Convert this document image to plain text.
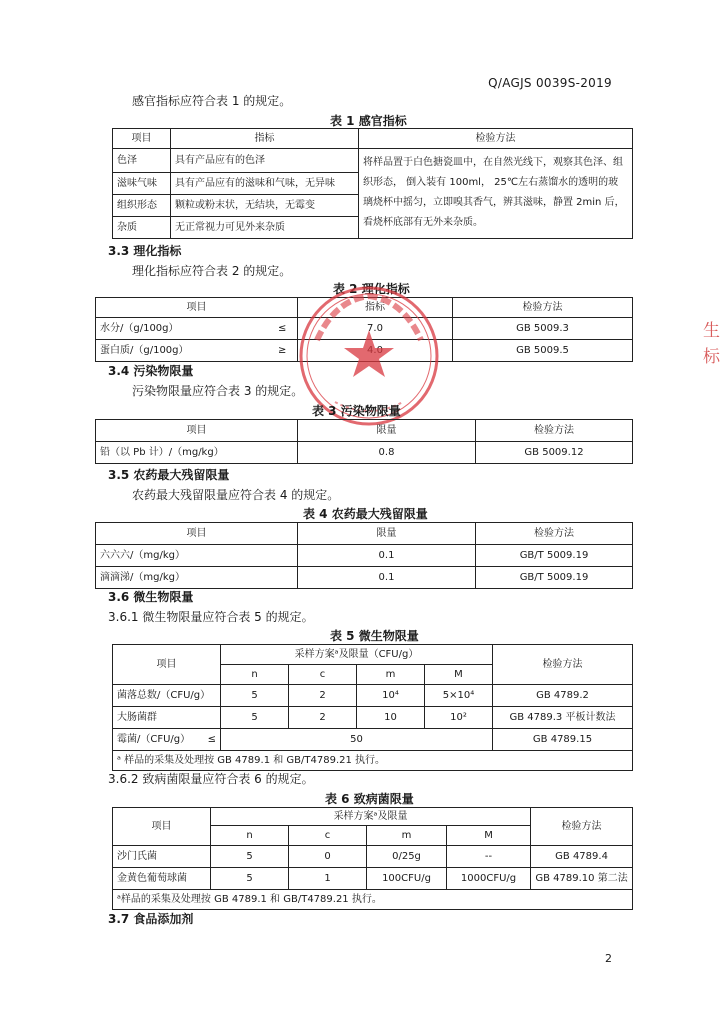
Q/AGJS 0039S-2019
感官指标应符合表 1 的规定。
表 1 感官指标
项目	指标	检验方法
色泽	具有产品应有的色泽	将样品置于白色搪瓷皿中，在自然光线下，观察其色泽、组织形态， 倒入装有 100ml， 25℃左右蒸馏水的透明的玻璃烧杯中摇匀，立即嗅其香气，辨其滋味，静置 2min 后，看烧杯底部有无外来杂质。
滋味气味	具有产品应有的滋味和气味，无异味	
组织形态	颗粒或粉末状，无结块，无霉变	
杂质	无正常视力可见外来杂质	
3.3 理化指标
理化指标应符合表 2 的规定。
表 2 理化指标
项目		指标	检验方法
水分/（g/100g）	≤	7.0	GB 5009.3
蛋白质/（g/100g）	≥		GB 5009.5
3.4 污染物限量
污染物限量应符合表 3 的规定。
表 3 污染物限量
项目	限量	检验方法
铅（以 Pb 计）/（mg/kg）	0.8	GB 5009.12
3.5 农药最大残留限量
农药最大残留限量应符合表 4 的规定。
表 4 农药最大残留限量
项目	限量	检验方法
六六六/（mg/kg）	0.1	GB/T 5009.19
滴滴涕/（mg/kg）	0.1	GB/T 5009.19
3.6 微生物限量
3.6.1 微生物限量应符合表 5 的规定。
表 5 微生物限量
项目	采样方案ᵃ及限量（CFU/g）				检验方法
	n	c	m	M	
菌落总数/（CFU/g）	5	2	10⁴	5×10⁴	GB 4789.2
大肠菌群	5	2	10	10²	GB 4789.3 平板计数法
霉菌/（CFU/g） ≤	50				GB 4789.15
ᵃ 样品的采集及处理按 GB 4789.1 和 GB/T4789.21 执行。					
3.6.2 致病菌限量应符合表 6 的规定。
表 6 致病菌限量
项目	采样方案ᵃ及限量				检验方法
	n	c	m	M	
沙门氏菌	5	0	0/25g	--	GB 4789.4
金黄色葡萄球菌	5	1	100CFU/g	1000CFU/g	GB 4789.10 第二法
ᵃ样品的采集及处理按 GB 4789.1 和 GB/T4789.21 执行。					
3.7 食品添加剂
2
生
标
